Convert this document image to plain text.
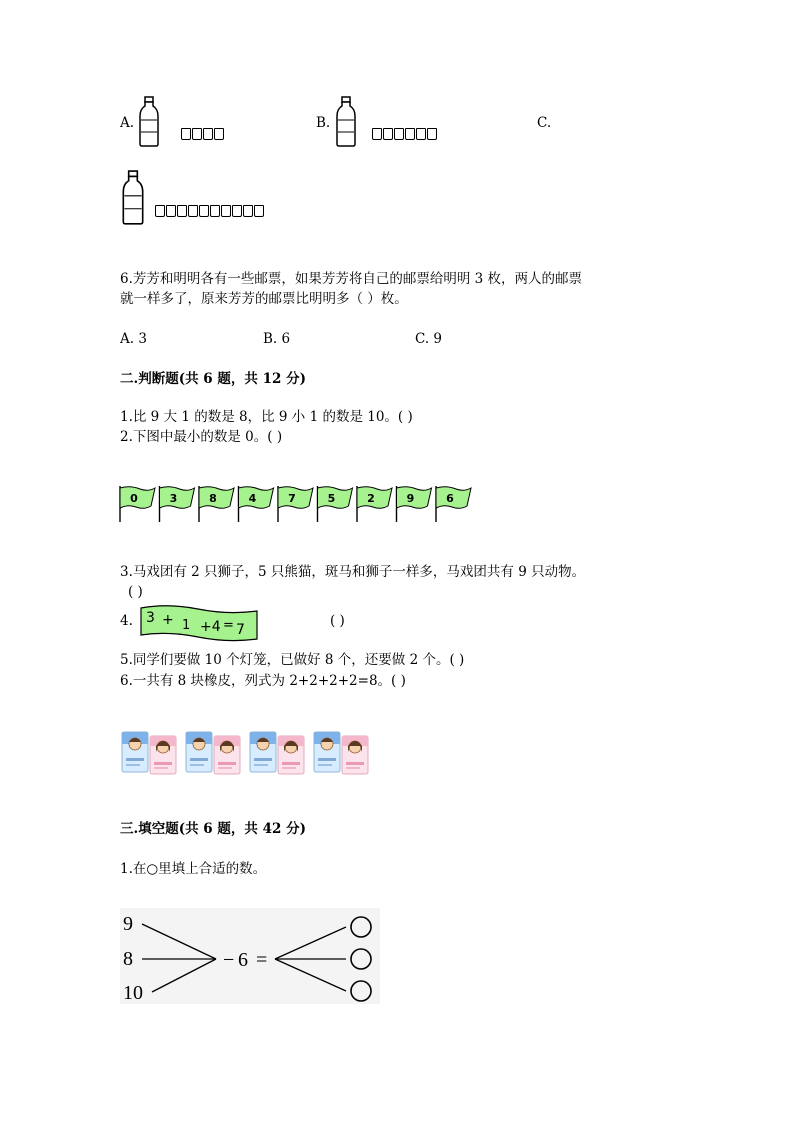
A.	B.	C.
6.芳芳和明明各有一些邮票，如果芳芳将自己的邮票给明明 3 枚，两人的邮票
就一样多了，原来芳芳的邮票比明明多（ ）枚。
A. 3	B. 6	C. 9
二.判断题(共 6 题，共 12 分)
1.比 9 大 1 的数是 8，比 9 小 1 的数是 10。( )
2.下图中最小的数是 0。( )
0	3	8	4	7	5	2	9	6
3.马戏团有 2 只狮子，5 只熊猫，斑马和狮子一样多，马戏团共有 9 只动物。
( )
4. 3 + 1 +4 = 7
( )
5.同学们要做 10 个灯笼，已做好 8 个，还要做 2 个。( )
6.一共有 8 块橡皮，列式为 2+2+2+2=8。( )
三.填空题(共 6 题，共 42 分)
1.在○里填上合适的数。
9
8
10
− 6 =
